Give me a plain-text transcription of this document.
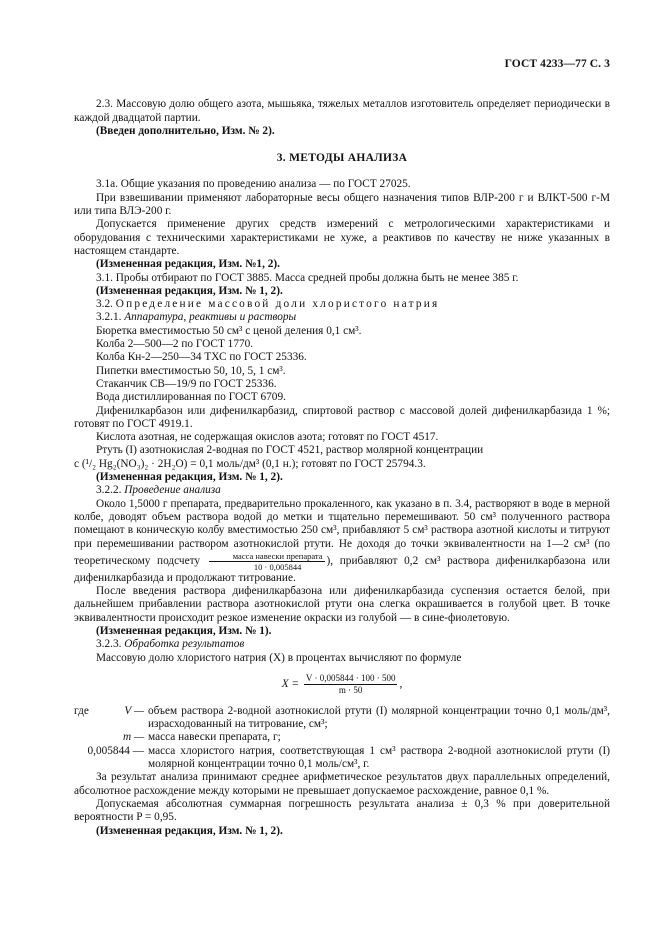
ГОСТ 4233—77 С. 3

2.3. Массовую долю общего азота, мышьяка, тяжелых металлов изготовитель определяет периодически в каждой двадцатой партии.

(Введен дополнительно, Изм. № 2).

3. МЕТОДЫ АНАЛИЗА

3.1а. Общие указания по проведению анализа — по ГОСТ 27025.

При взвешивании применяют лабораторные весы общего назначения типов ВЛР-200 г и ВЛКТ-500 г-М или типа ВЛЭ-200 г.

Допускается применение других средств измерений с метрологическими характеристиками и оборудования с техническими характеристиками не хуже, а реактивов по качеству не ниже указанных в настоящем стандарте.

(Измененная редакция, Изм. №1, 2).

3.1. Пробы отбирают по ГОСТ 3885. Масса средней пробы должна быть не менее 385 г.

(Измененная редакция, Изм. № 1, 2).

3.2. Определение массовой доли хлористого натрия

3.2.1. Аппаратура, реактивы и растворы

Бюретка вместимостью 50 см³ с ценой деления 0,1 см³.

Колба 2—500—2 по ГОСТ 1770.

Колба Кн-2—250—34 ТХС по ГОСТ 25336.

Пипетки вместимостью 50, 10, 5, 1 см³.

Стаканчик СВ—19/9 по ГОСТ 25336.

Вода дистиллированная по ГОСТ 6709.

Дифенилкарбазон или дифенилкарбазид, спиртовой раствор с массовой долей дифенилкарбазида 1 %; готовят по ГОСТ 4919.1.

Кислота азотная, не содержащая окислов азота; готовят по ГОСТ 4517.

Ртуть (I) азотнокислая 2-водная по ГОСТ 4521, раствор молярной концентрации

с (¹/₂ Hg₂(NO₃)₂ · 2H₂O) = 0,1 моль/дм³ (0,1 н.); готовят по ГОСТ 25794.3.

(Измененная редакция, Изм. № 1, 2).

3.2.2. Проведение анализа

Около 1,5000 г препарата, предварительно прокаленного, как указано в п. 3.4, растворяют в воде в мерной колбе, доводят объем раствора водой до метки и тщательно перемешивают. 50 см³ полученного раствора помещают в коническую колбу вместимостью 250 см³, прибавляют 5 см³ раствора азотной кислоты и титруют при перемешивании раствором азотнокислой ртути. Не доходя до точки эквивалентности на 1—2 см³ (по теоретическому подсчету $\frac{\text{масса навески препарата}}{10 \cdot 0,005844}$ ), прибавляют 0,2 см³ раствора дифенилкарбазона или дифенилкарбазида и продолжают титрование.

После введения раствора дифенилкарбазона или дифенилкарбазида суспензия остается белой, при дальнейшем прибавлении раствора азотнокислой ртути она слегка окрашивается в голубой цвет. В точке эквивалентности происходит резкое изменение окраски из голубой — в сине-фиолетовую.

(Измененная редакция, Изм. № 1).

3.2.3. Обработка результатов

Массовую долю хлористого натрия (X) в процентах вычисляют по формуле

$X = \frac{V \cdot 0,005844 \cdot 100 \cdot 500}{m \cdot 50}$ ,
где	V — объем раствора 2-водной азотнокислой ртути (I) молярной концентрации точно 0,1 моль/дм³, израсходованный на титрование, см³;
m — масса навески препарата, г;
0,005844 — масса хлористого натрия, соответствующая 1 см³ раствора 2-водной азотнокислой ртути (I) молярной концентрации точно 0,1 моль/см³, г.

За результат анализа принимают среднее арифметическое результатов двух параллельных определений, абсолютное расхождение между которыми не превышает допускаемое расхождение, равное 0,1 %.

Допускаемая абсолютная суммарная погрешность результата анализа ± 0,3 % при доверительной вероятности P = 0,95.

(Измененная редакция, Изм. № 1, 2).
